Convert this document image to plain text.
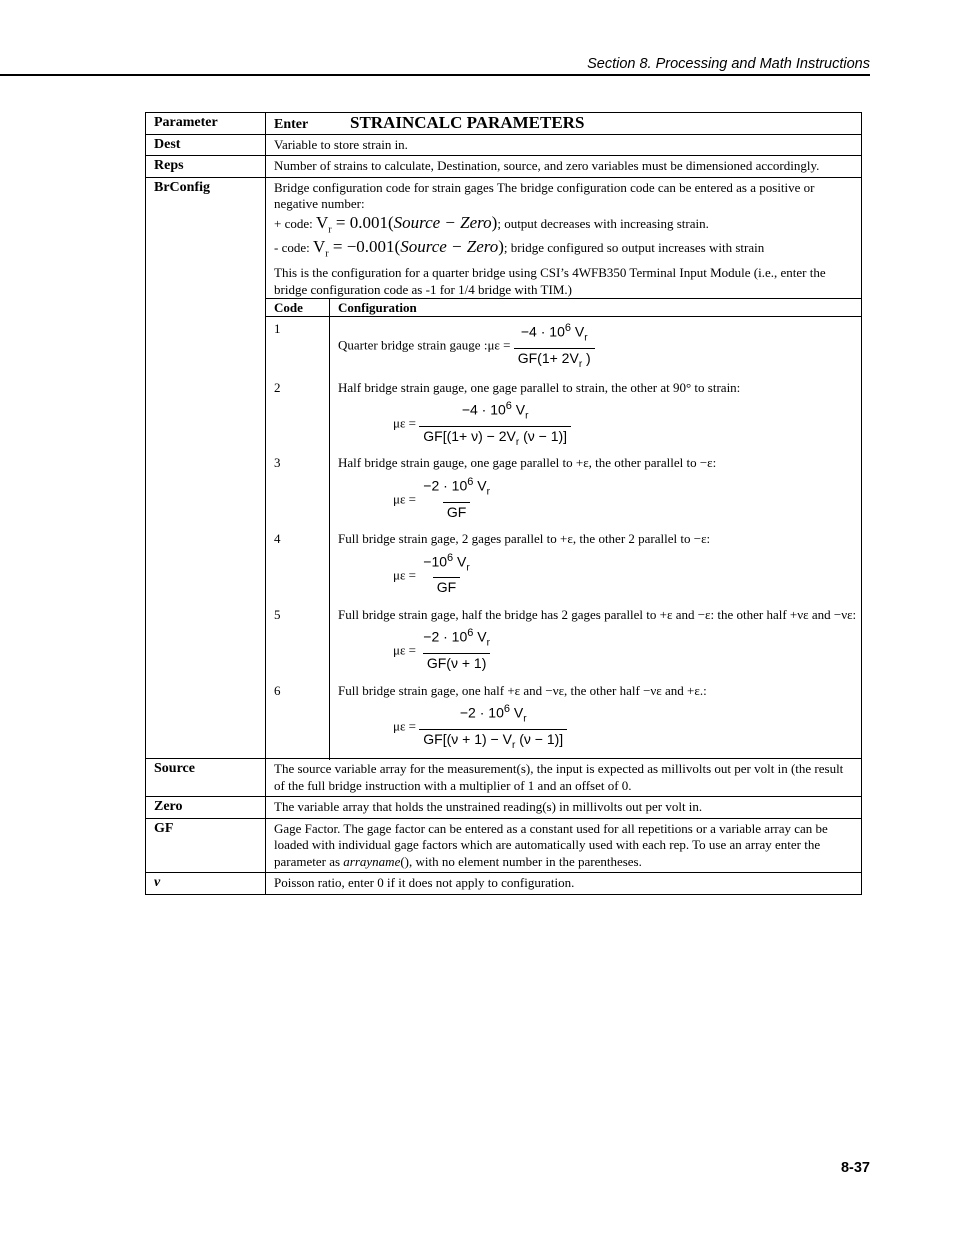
Section 8. Processing and Math Instructions
Parameter	Enter STRAINCALC PARAMETERS
Dest	Variable to store strain in.
Reps	Number of strains to calculate, Destination, source, and zero variables must be dimensioned accordingly.
BrConfig	Bridge configuration code for strain gages The bridge configuration code can be entered as a positive or negative number:
+ code: $V_r$ = 0.001(Source − Zero); output decreases with increasing strain.
- code: $V_r$ = −0.001(Source − Zero); bridge configured so output increases with strain
This is the configuration for a quarter bridge using CSI’s 4WFB350 Terminal Input Module (i.e., enter the bridge configuration code as -1 for 1/4 bridge with TIM.)
Code	Configuration
1	Quarter bridge strain gauge :με = $\frac{-4 \cdot 10^6 V_r}{GF(1+ 2V_r )}$

2	Half bridge strain gauge, one gage parallel to strain, the other at 90° to strain:
$\mu\varepsilon = \frac{-4 \cdot 10^6 V_r}{GF[(1+ \nu) - 2V_r (\nu - 1)]}$

3	Half bridge strain gauge, one gage parallel to +ε, the other parallel to −ε:
$\mu\varepsilon = \frac{-2 \cdot 10^6 V_r}{GF}$

4	Full bridge strain gage, 2 gages parallel to +ε, the other 2 parallel to −ε:
$\mu\varepsilon = \frac{-10^6 V_r}{GF}$

5	Full bridge strain gage, half the bridge has 2 gages parallel to +ε and −ε: the other half +νε and −νε:
$\mu\varepsilon = \frac{-2 \cdot 10^6 V_r}{GF(\nu + 1)}$

6	Full bridge strain gage, one half +ε and −νε, the other half −νε and +ε.:
$\mu\varepsilon = \frac{-2 \cdot 10^6 V_r}{GF[(\nu + 1) - V_r (\nu - 1)]}$

Source	The source variable array for the measurement(s), the input is expected as millivolts out per volt in (the result of the full bridge instruction with a multiplier of 1 and an offset of 0.
Zero	The variable array that holds the unstrained reading(s) in millivolts out per volt in.
GF	Gage Factor. The gage factor can be entered as a constant used for all repetitions or a variable array can be loaded with individual gage factors which are automatically used with each rep. To use an array enter the parameter as arrayname(), with no element number in the parentheses.
ν	Poisson ratio, enter 0 if it does not apply to configuration.
8-37
